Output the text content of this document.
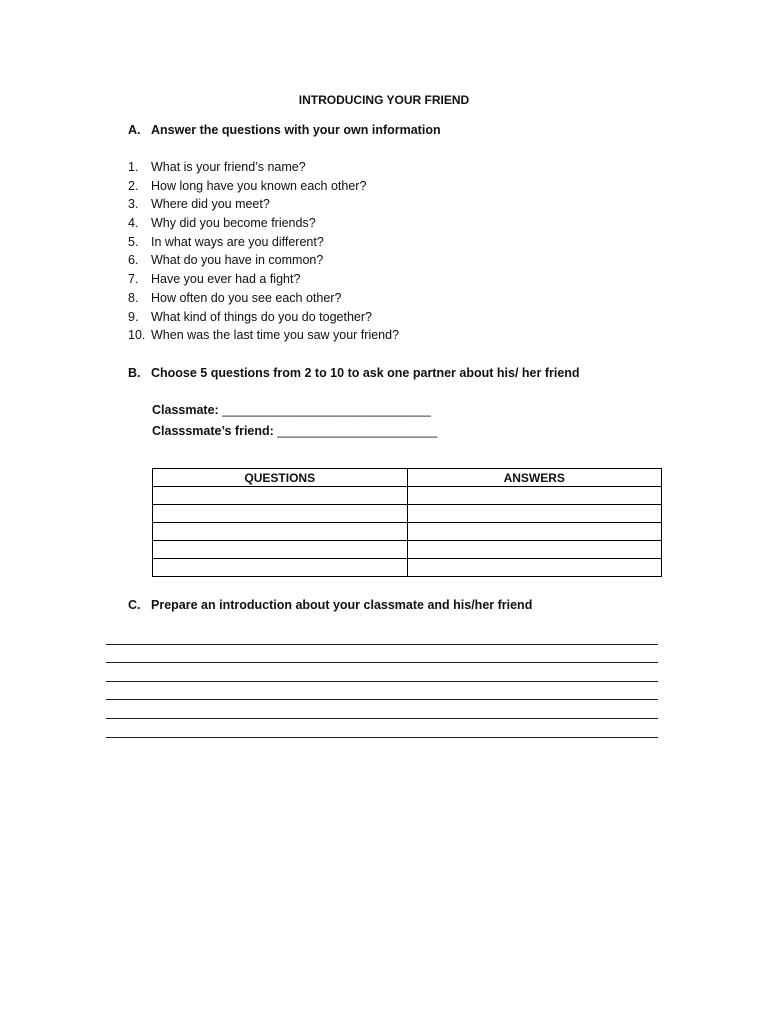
INTRODUCING YOUR FRIEND
A. Answer the questions with your own information
1. What is your friend’s name?
2. How long have you known each other?
3. Where did you meet?
4. Why did you become friends?
5. In what ways are you different?
6. What do you have in common?
7. Have you ever had a fight?
8. How often do you see each other?
9. What kind of things do you do together?
10. When was the last time you saw your friend?
B. Choose 5 questions from 2 to 10 to ask one partner about his/ her friend
Classmate: ______________________________
Classsmate’s friend: _______________________
QUESTIONS	ANSWERS

C. Prepare an introduction about your classmate and his/her friend
